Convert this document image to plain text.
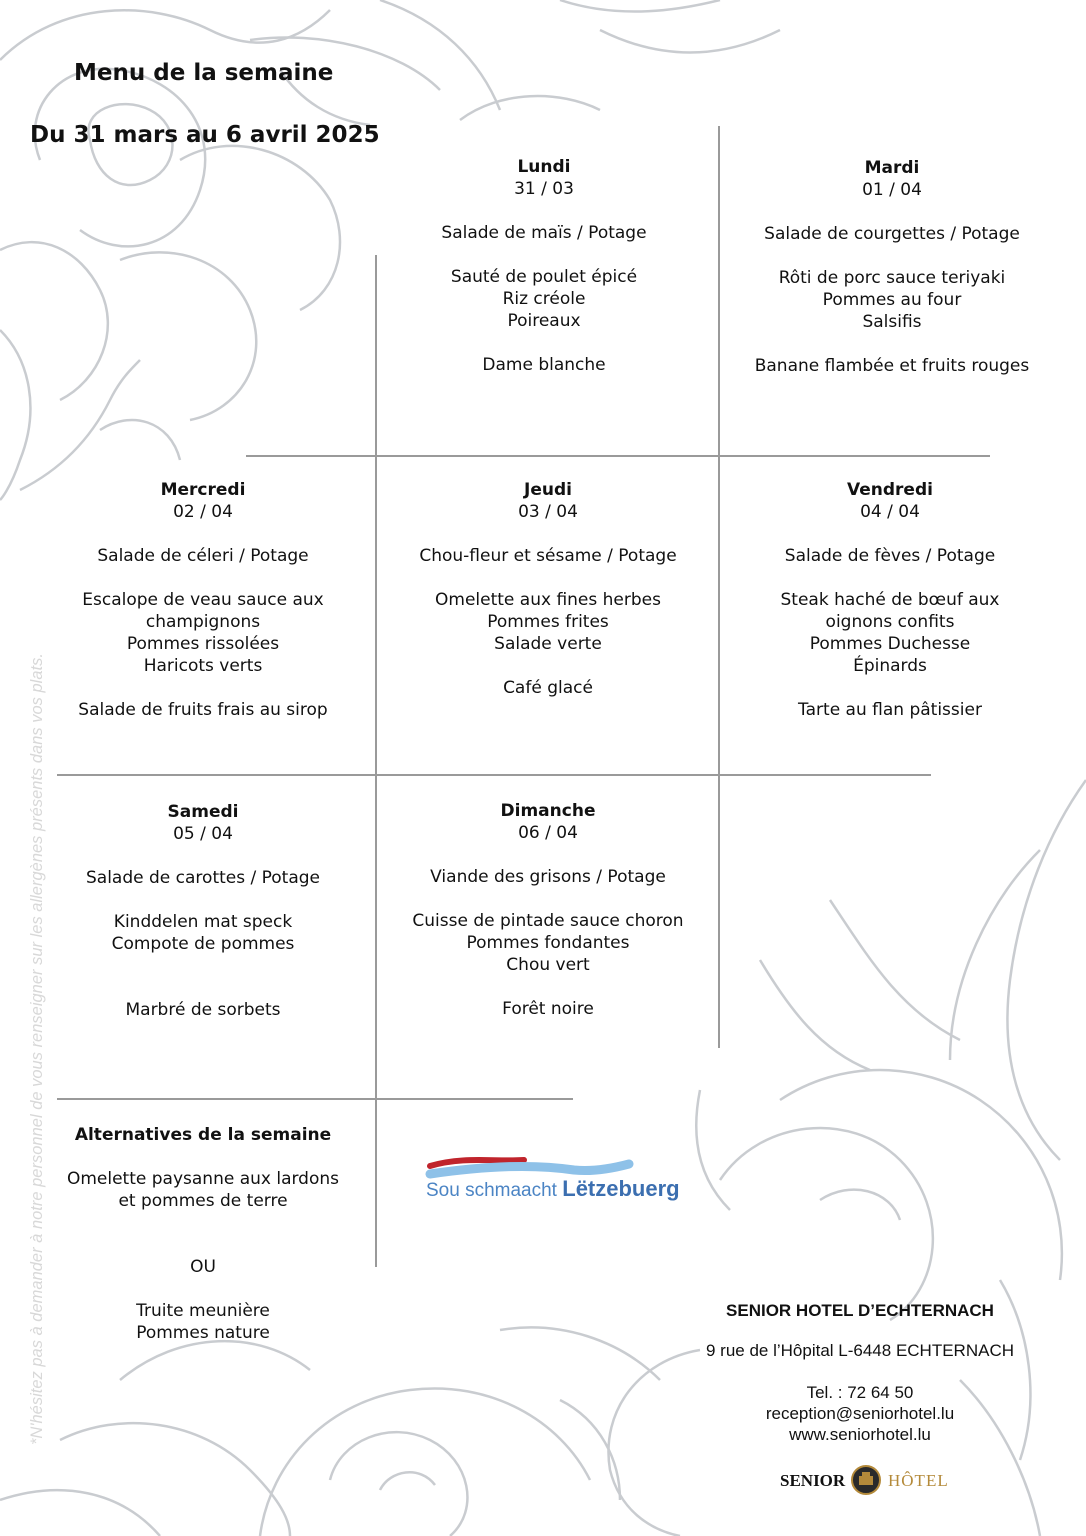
Menu de la semaine
Du 31 mars au 6 avril 2025
Lundi
31 / 03
Salade de maïs / Potage
Sauté de poulet épicé
Riz créole
Poireaux
Dame blanche
Mardi
01 / 04
Salade de courgettes / Potage
Rôti de porc sauce teriyaki
Pommes au four
Salsifis
Banane flambée et fruits rouges
Mercredi
02 / 04
Salade de céleri / Potage
Escalope de veau sauce aux
champignons
Pommes rissolées
Haricots verts
Salade de fruits frais au sirop
Jeudi
03 / 04
Chou-fleur et sésame / Potage
Omelette aux fines herbes
Pommes frites
Salade verte
Café glacé
Vendredi
04 / 04
Salade de fèves / Potage
Steak haché de bœuf aux
oignons confits
Pommes Duchesse
Épinards
Tarte au flan pâtissier
Samedi
05 / 04
Salade de carottes / Potage
Kinddelen mat speck
Compote de pommes
Marbré de sorbets
Dimanche
06 / 04
Viande des grisons / Potage
Cuisse de pintade sauce choron
Pommes fondantes
Chou vert
Forêt noire
Alternatives de la semaine
Omelette paysanne aux lardons
et pommes de terre
OU
Truite meunière
Pommes nature
Sou schmaacht Lëtzebuerg
SENIOR HOTEL D’ECHTERNACH
9 rue de l’Hôpital L-6448 ECHTERNACH
Tel. : 72 64 50
reception@seniorhotel.lu
www.seniorhotel.lu
SENIOR	HÔTEL
*N'hésitez pas à demander à notre personnel de vous renseigner sur les allergènes présents dans vos plats.
